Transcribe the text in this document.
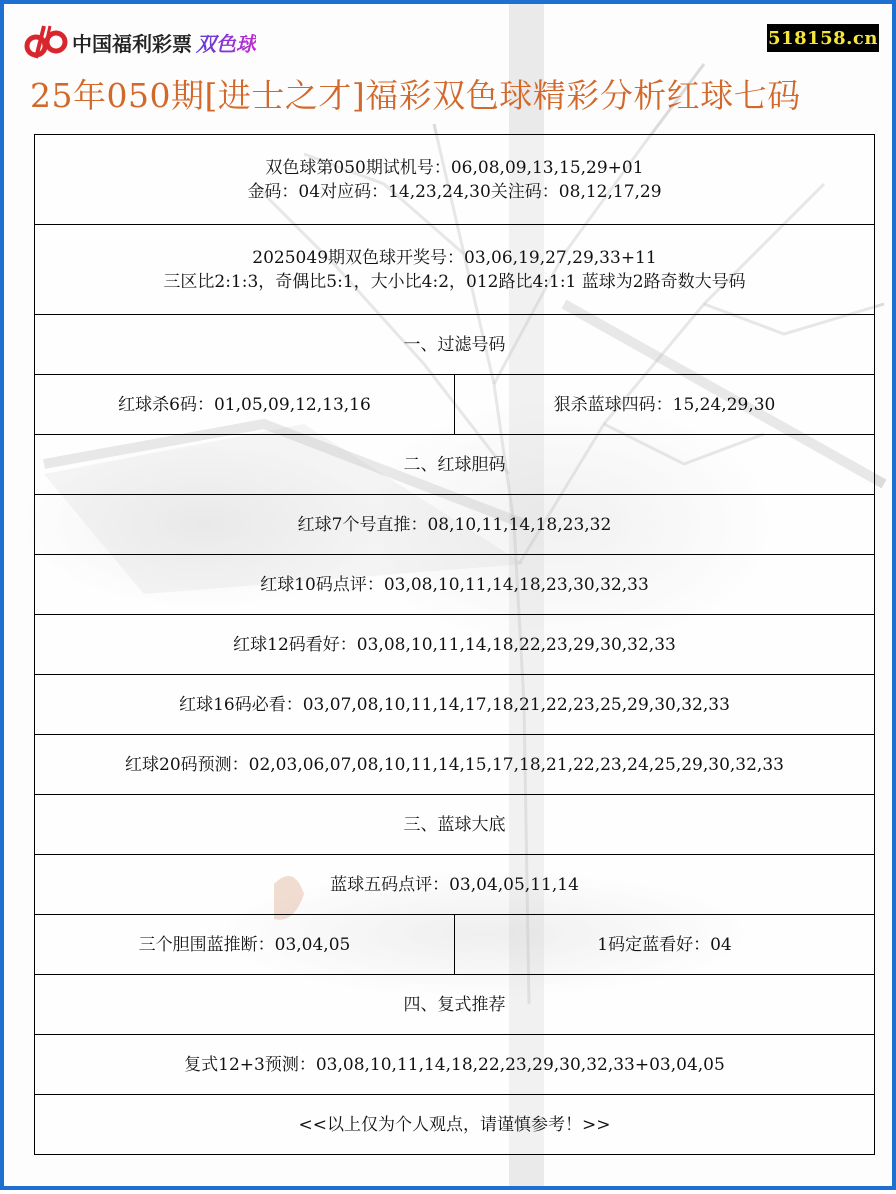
中国福利彩票 双色球	518158.cn
25年050期[进士之才]福彩双色球精彩分析红球七码
双色球第050期试机号：06,08,09,13,15,29+01
金码：04对应码：14,23,24,30关注码：08,12,17,29	

2025049期双色球开奖号：03,06,19,27,29,33+11
三区比2:1:3，奇偶比5:1，大小比4:2，012路比4:1:1 蓝球为2路奇数大号码	

一、过滤号码	
红球杀6码：01,05,09,12,13,16	狠杀蓝球四码：15,24,29,30
二、红球胆码	
红球7个号直推：08,10,11,14,18,23,32	
红球10码点评：03,08,10,11,14,18,23,30,32,33	
红球12码看好：03,08,10,11,14,18,22,23,29,30,32,33	
红球16码必看：03,07,08,10,11,14,17,18,21,22,23,25,29,30,32,33	
红球20码预测：02,03,06,07,08,10,11,14,15,17,18,21,22,23,24,25,29,30,32,33	
三、蓝球大底	
蓝球五码点评：03,04,05,11,14	
三个胆围蓝推断：03,04,05	1码定蓝看好：04
四、复式推荐	
复式12+3预测：03,08,10,11,14,18,22,23,29,30,32,33+03,04,05	
<<以上仅为个人观点，请谨慎参考！>>	
